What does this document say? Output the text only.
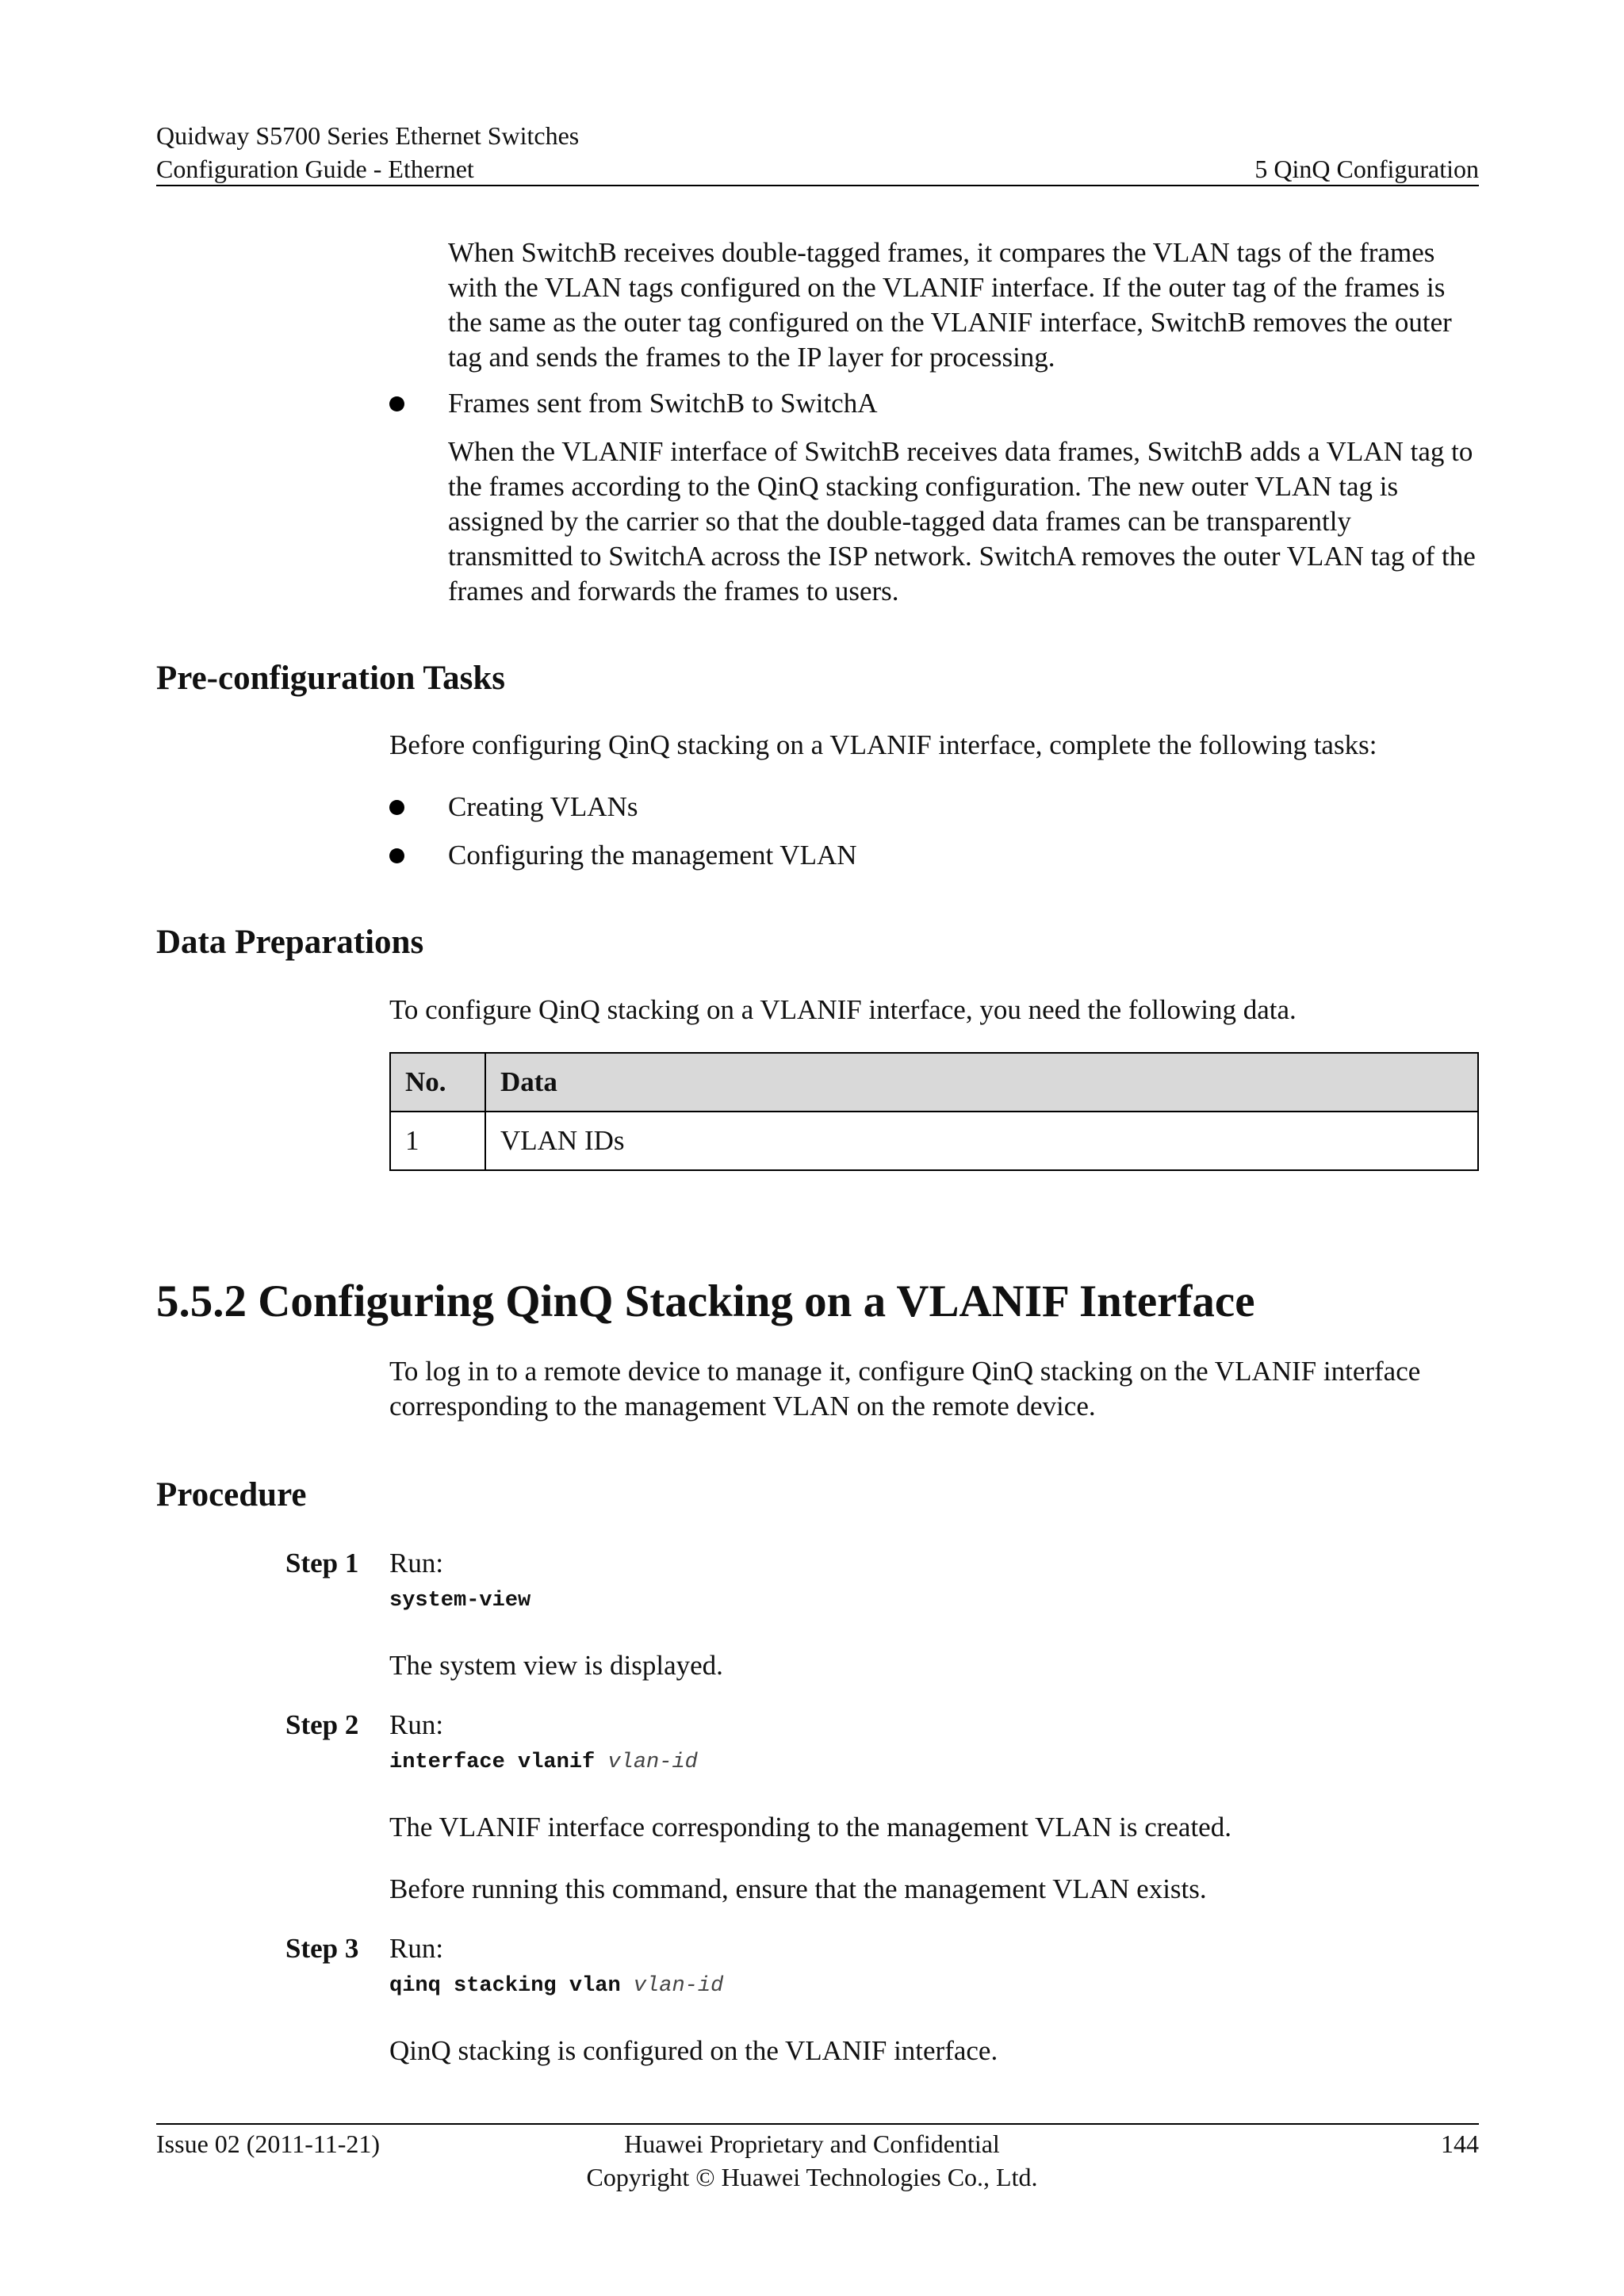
Quidway S5700 Series Ethernet Switches
Configuration Guide - Ethernet	5 QinQ Configuration

When SwitchB receives double-tagged frames, it compares the VLAN tags of the frames with the VLAN tags configured on the VLANIF interface. If the outer tag of the frames is the same as the outer tag configured on the VLANIF interface, SwitchB removes the outer tag and sends the frames to the IP layer for processing.

Frames sent from SwitchB to SwitchA

When the VLANIF interface of SwitchB receives data frames, SwitchB adds a VLAN tag to the frames according to the QinQ stacking configuration. The new outer VLAN tag is assigned by the carrier so that the double-tagged data frames can be transparently transmitted to SwitchA across the ISP network. SwitchA removes the outer VLAN tag of the frames and forwards the frames to users.

Pre-configuration Tasks
Before configuring QinQ stacking on a VLANIF interface, complete the following tasks:
Creating VLANs
Configuring the management VLAN
Data Preparations
To configure QinQ stacking on a VLANIF interface, you need the following data.
No.	Data
1	VLAN IDs
5.5.2 Configuring QinQ Stacking on a VLANIF Interface

To log in to a remote device to manage it, configure QinQ stacking on the VLANIF interface corresponding to the management VLAN on the remote device.

Procedure
Step 1	Run:
system-view
The system view is displayed.
Step 2	Run:
interface vlanif vlan-id
The VLANIF interface corresponding to the management VLAN is created.
Before running this command, ensure that the management VLAN exists.
Step 3	Run:
qinq stacking vlan vlan-id
QinQ stacking is configured on the VLANIF interface.
Issue 02 (2011-11-21)	Huawei Proprietary and Confidential
Copyright © Huawei Technologies Co., Ltd.
144
